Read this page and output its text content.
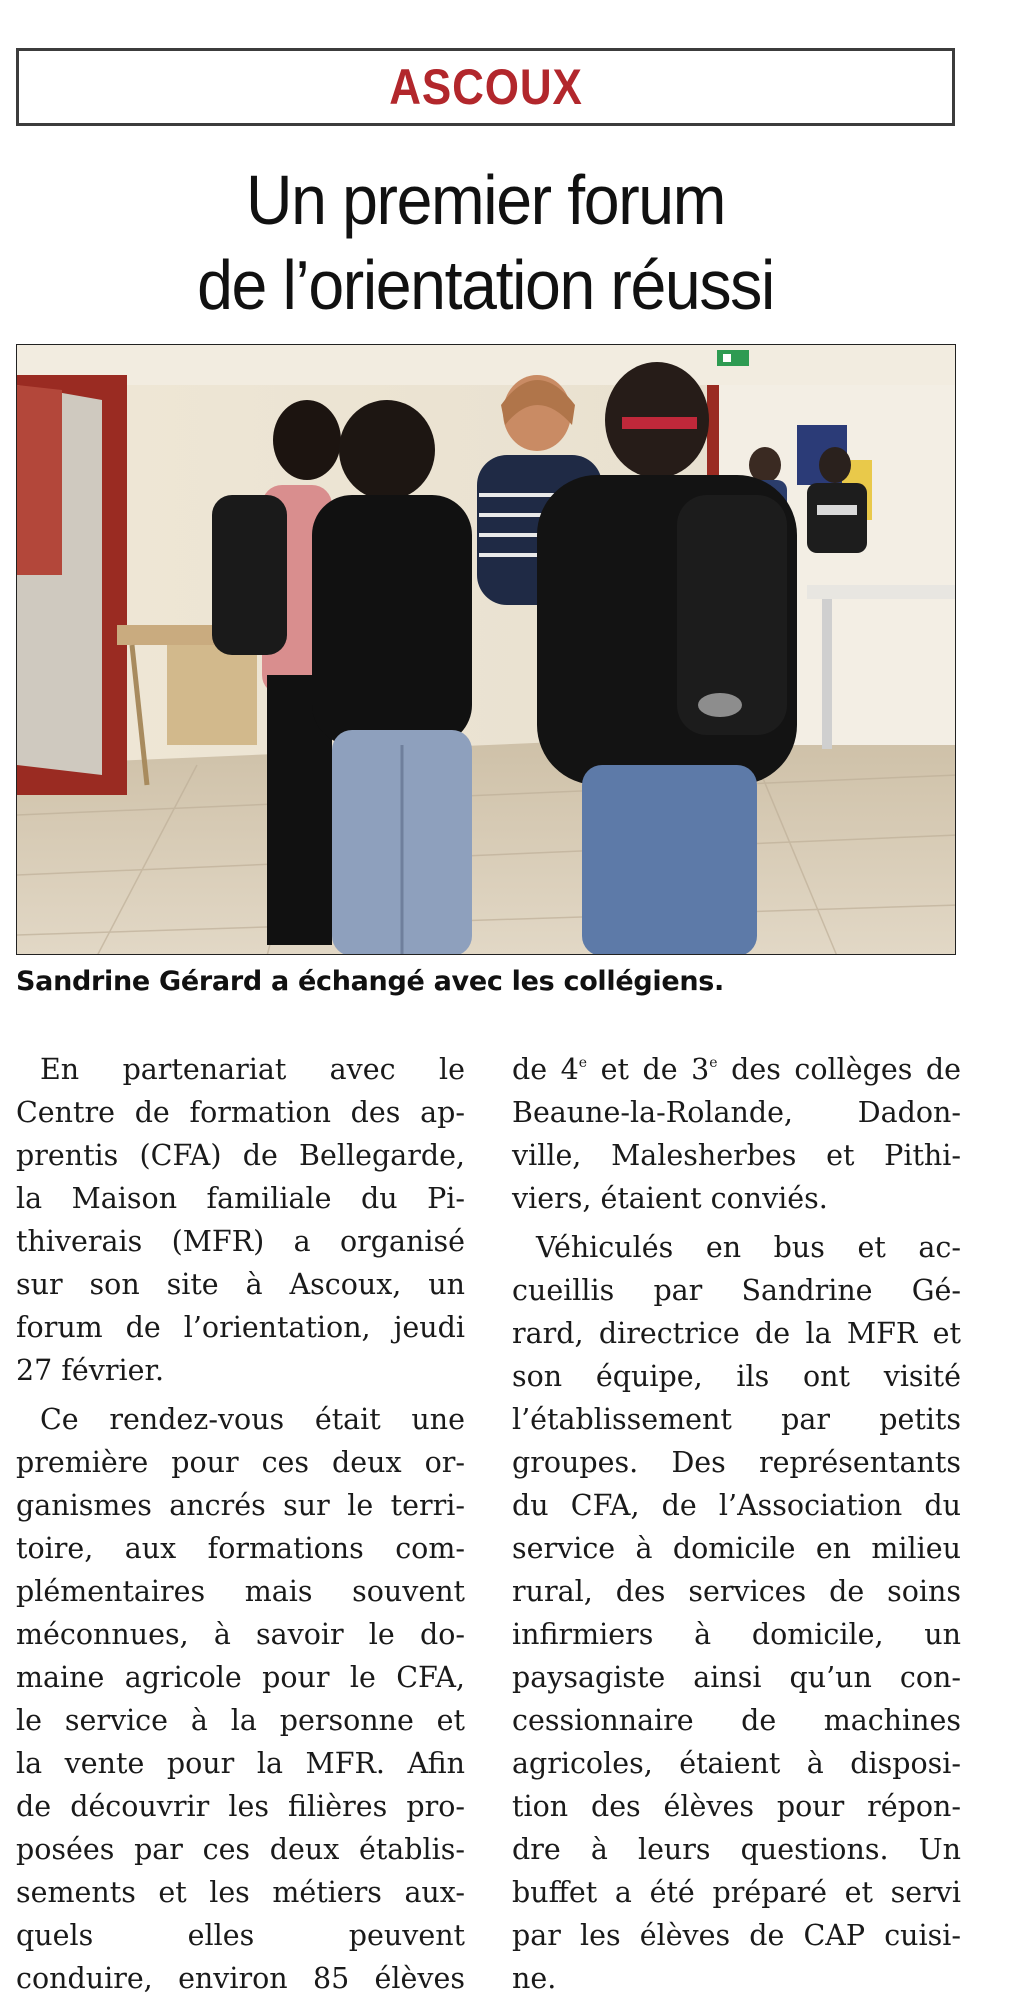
ASCOUX
Un premier forum
de l’orientation réussi
Sandrine Gérard a échangé avec les collégiens.

En partenariat avec le
Centre de formation des ap-
prentis (CFA) de Bellegarde,
la Maison familiale du Pi-
thiverais (MFR) a organisé
sur son site à Ascoux, un
forum de l’orientation, jeudi
27 février.

Ce rendez-vous était une
première pour ces deux or-
ganismes ancrés sur le terri-
toire, aux formations com-
plémentaires mais souvent
méconnues, à savoir le do-
maine agricole pour le CFA,
le service à la personne et
la vente pour la MFR. Afin
de découvrir les filières pro-
posées par ces deux établis-
sements et les métiers aux-
quels elles peuvent
conduire, environ 85 élèves

de 4e et de 3e des collèges de
Beaune-la-Rolande, Dadon-
ville, Malesherbes et Pithi-
viers, étaient conviés.

Véhiculés en bus et ac-
cueillis par Sandrine Gé-
rard, directrice de la MFR et
son équipe, ils ont visité
l’établissement par petits
groupes. Des représentants
du CFA, de l’Association du
service à domicile en milieu
rural, des services de soins
infirmiers à domicile, un
paysagiste ainsi qu’un con-
cessionnaire de machines
agricoles, étaient à disposi-
tion des élèves pour répon-
dre à leurs questions. Un
buffet a été préparé et servi
par les élèves de CAP cuisi-
ne.
